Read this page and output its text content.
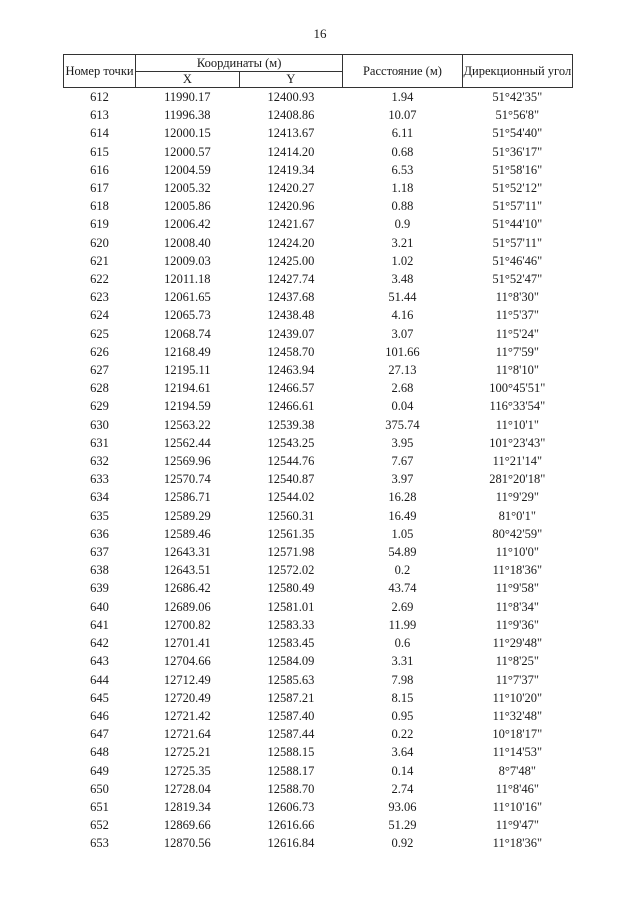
16
Номер точки	Координаты (м)		Расстояние (м)	Дирекционный угол
	X	Y		
612	11990.17	12400.93	1.94	51°42'35"
613	11996.38	12408.86	10.07	51°56'8"
614	12000.15	12413.67	6.11	51°54'40"
615	12000.57	12414.20	0.68	51°36'17"
616	12004.59	12419.34	6.53	51°58'16"
617	12005.32	12420.27	1.18	51°52'12"
618	12005.86	12420.96	0.88	51°57'11"
619	12006.42	12421.67	0.9	51°44'10"
620	12008.40	12424.20	3.21	51°57'11"
621	12009.03	12425.00	1.02	51°46'46"
622	12011.18	12427.74	3.48	51°52'47"
623	12061.65	12437.68	51.44	11°8'30"
624	12065.73	12438.48	4.16	11°5'37"
625	12068.74	12439.07	3.07	11°5'24"
626	12168.49	12458.70	101.66	11°7'59"
627	12195.11	12463.94	27.13	11°8'10"
628	12194.61	12466.57	2.68	100°45'51"
629	12194.59	12466.61	0.04	116°33'54"
630	12563.22	12539.38	375.74	11°10'1"
631	12562.44	12543.25	3.95	101°23'43"
632	12569.96	12544.76	7.67	11°21'14"
633	12570.74	12540.87	3.97	281°20'18"
634	12586.71	12544.02	16.28	11°9'29"
635	12589.29	12560.31	16.49	81°0'1"
636	12589.46	12561.35	1.05	80°42'59"
637	12643.31	12571.98	54.89	11°10'0"
638	12643.51	12572.02	0.2	11°18'36"
639	12686.42	12580.49	43.74	11°9'58"
640	12689.06	12581.01	2.69	11°8'34"
641	12700.82	12583.33	11.99	11°9'36"
642	12701.41	12583.45	0.6	11°29'48"
643	12704.66	12584.09	3.31	11°8'25"
644	12712.49	12585.63	7.98	11°7'37"
645	12720.49	12587.21	8.15	11°10'20"
646	12721.42	12587.40	0.95	11°32'48"
647	12721.64	12587.44	0.22	10°18'17"
648	12725.21	12588.15	3.64	11°14'53"
649	12725.35	12588.17	0.14	8°7'48"
650	12728.04	12588.70	2.74	11°8'46"
651	12819.34	12606.73	93.06	11°10'16"
652	12869.66	12616.66	51.29	11°9'47"
653	12870.56	12616.84	0.92	11°18'36"
